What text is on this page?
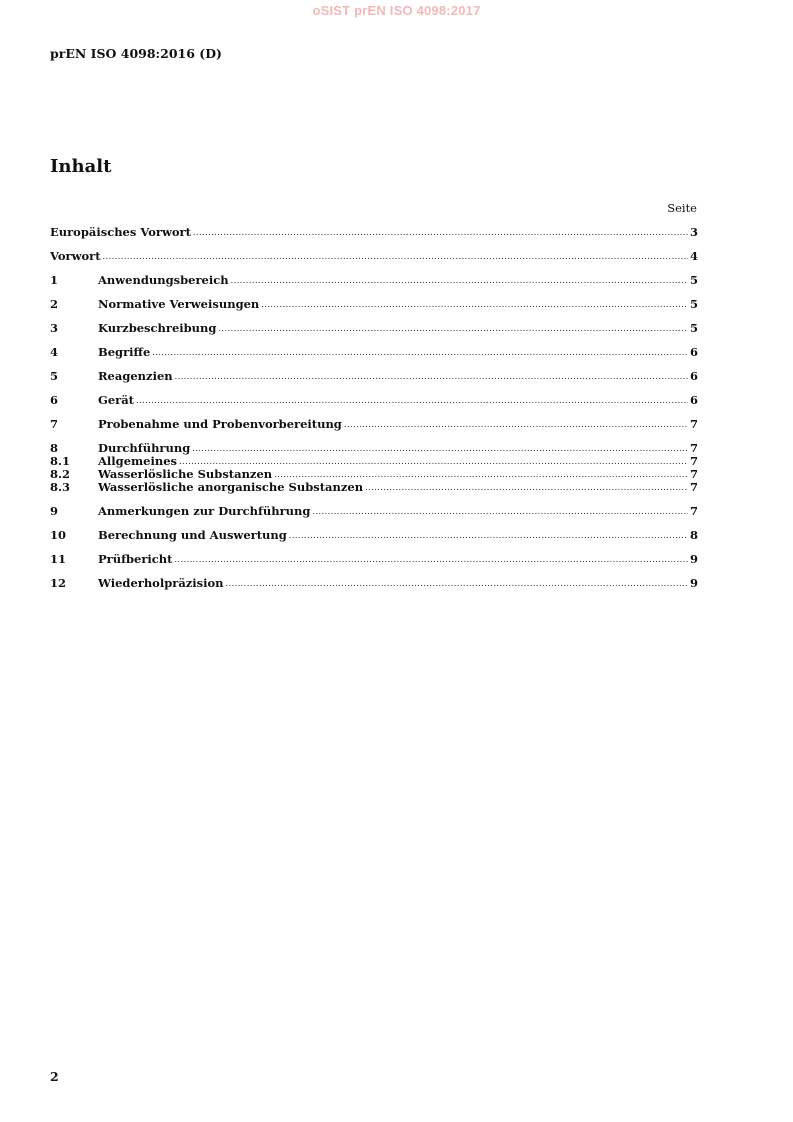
oSIST prEN ISO 4098:2017
prEN ISO 4098:2016 (D)
Inhalt
Seite
Europäisches Vorwort .....	3
Vorwort .....	4
1	Anwendungsbereich .....	5
2	Normative Verweisungen .....	5
3	Kurzbeschreibung .....	5
4	Begriffe .....	6
5	Reagenzien .....	6
6	Gerät .....	6
7	Probenahme und Probenvorbereitung .....	7
8	Durchführung .....	7
8.1	Allgemeines .....	7
8.2	Wasserlösliche Substanzen .....	7
8.3	Wasserlösliche anorganische Substanzen .....	7
9	Anmerkungen zur Durchführung .....	7
10	Berechnung und Auswertung .....	8
11	Prüfbericht .....	9
12	Wiederholpräzision .....	9
2
